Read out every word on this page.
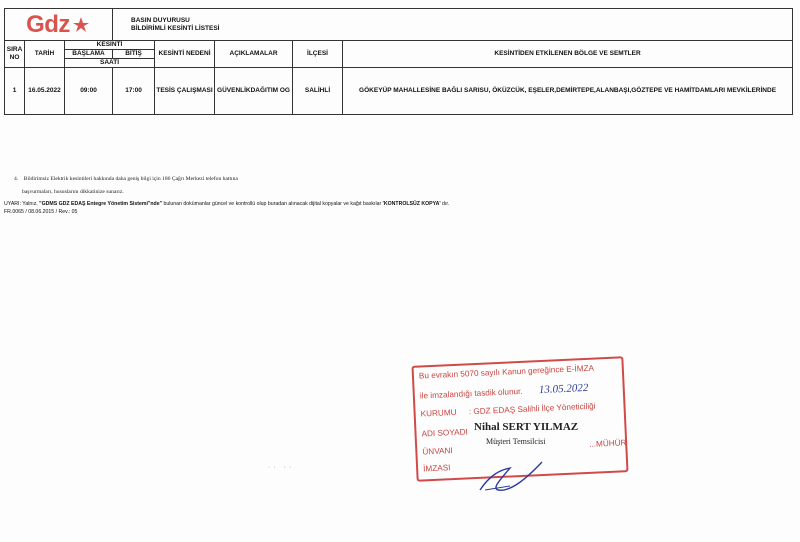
Gdz			BASIN DUYURUSU
BİLDİRİMLİ KESİNTİ LİSTESİ				

SIRA
NO	TARİH	KESİNTİ		KESİNTİ NEDENİ	AÇIKLAMALAR	İLÇESİ	KESİNTİDEN ETKİLENEN BÖLGE VE SEMTLER
		BAŞLAMA	BİTİŞ				
		SAATİ					
1	16.05.2022	09:00	17:00	TESİS ÇALIŞMASI	GÜVENLİKDAĞITIM OG	SALİHLİ	GÖKEYÜP MAHALLESİNE BAĞLI SARISU, ÖKÜZCÜK, EŞELER,DEMİRTEPE,ALANBAŞI,GÖZTEPE VE HAMİTDAMLARI MEVKİLERİNDE
4. Bildirimsiz Elektrik kesintileri hakkında daha geniş bilgi için 186 Çağrı Merkezi telefon hattına
başvurmaları, hususlarını dikkatinize sunarız.
UYARI: Yalnız, "GDMS GDZ EDAŞ Entegre Yönetim Sistemi"nde" bulunan dokümanlar güncel ve kontrollü olup buradan alınacak dijital kopyalar ve kağıt baskılar 'KONTROLSÜZ KOPYA' dır.
FR.0065 / 08.06.2015 / Rev.: 05
Bu evrakın 5070 sayılı Kanun gereğince E-İMZA
ile imzalandığı tasdik olunur. 13.05.2022
KURUMU : GDZ EDAŞ Salihli İlçe Yöneticiliği
ADI SOYADI
ÜNVANI
İMZASI
...MÜHÜR
Nihal SERT YILMAZ
Müşteri Temsilcisi
·· ··
